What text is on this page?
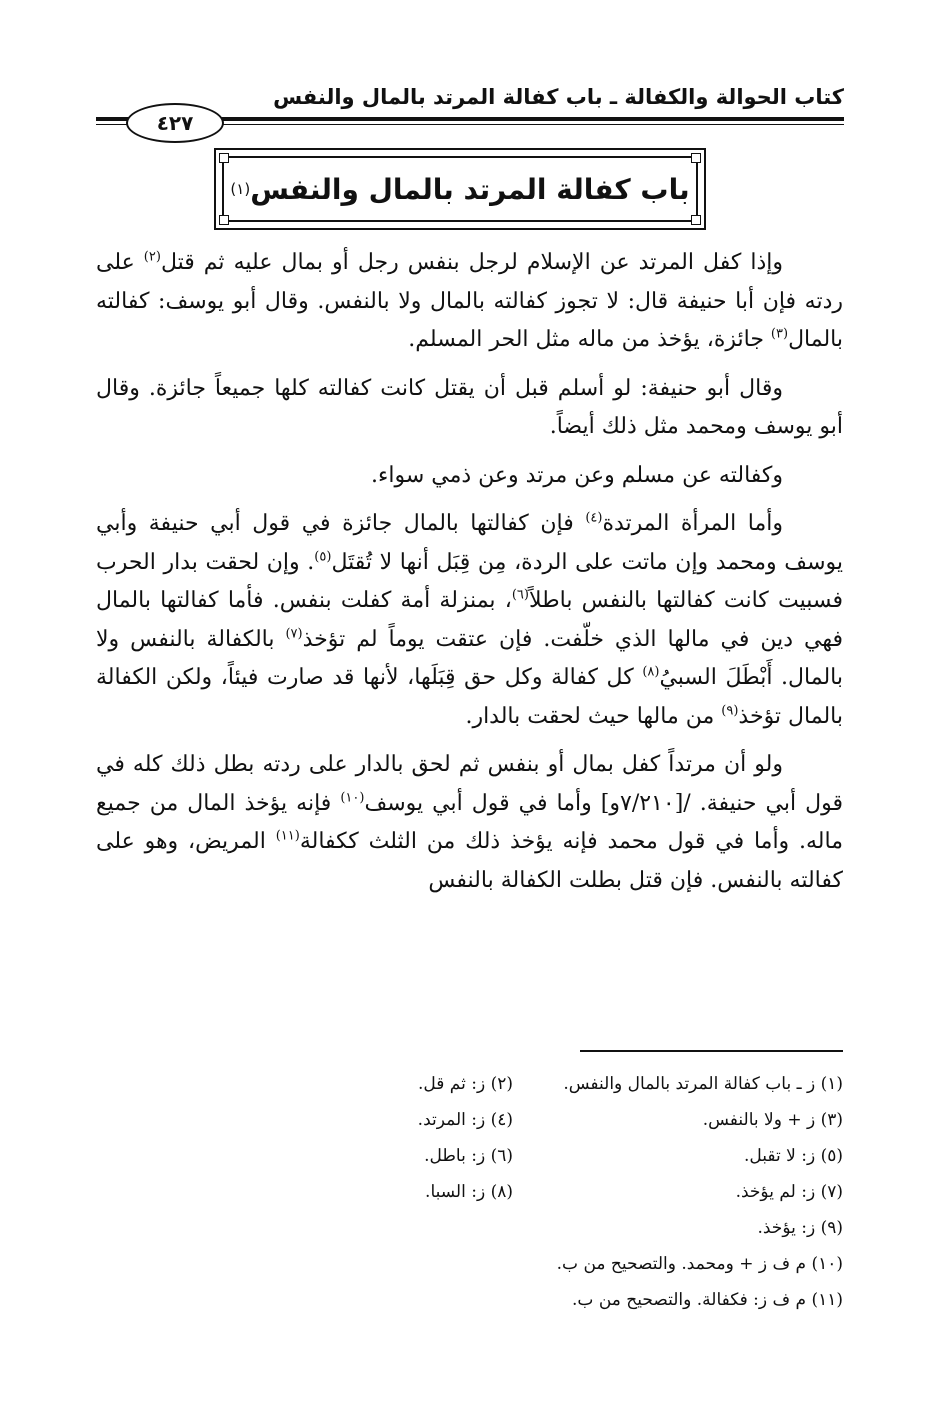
كتاب الحوالة والكفالة ـ باب كفالة المرتد بالمال والنفس
٤٢٧
باب كفالة المرتد بالمال والنفس
(١)

وإذا كفل المرتد عن الإسلام لرجل بنفس رجل أو بمال عليه ثم قتل$^{(٢)}$ على ردته فإن أبا حنيفة قال: لا تجوز كفالته بالمال ولا بالنفس. وقال أبو يوسف: كفالته بالمال$^{(٣)}$ جائزة، يؤخذ من ماله مثل الحر المسلم.

وقال أبو حنيفة: لو أسلم قبل أن يقتل كانت كفالته كلها جميعاً جائزة. وقال أبو يوسف ومحمد مثل ذلك أيضاً.

وكفالته عن مسلم وعن مرتد وعن ذمي سواء.

وأما المرأة المرتدة$^{(٤)}$ فإن كفالتها بالمال جائزة في قول أبي حنيفة وأبي يوسف ومحمد وإن ماتت على الردة، مِن قِبَل أنها لا تُقتَل$^{(٥)}$. وإن لحقت بدار الحرب فسبيت كانت كفالتها بالنفس باطلاً$^{(٦)}$، بمنزلة أمة كفلت بنفس. فأما كفالتها بالمال فهي دين في مالها الذي خلّفت. فإن عتقت يوماً لم تؤخذ$^{(٧)}$ بالكفالة بالنفس ولا بالمال. أَبْطَلَ السبيُ$^{(٨)}$ كل كفالة وكل حق قِبَلَها، لأنها قد صارت فيئاً، ولكن الكفالة بالمال تؤخذ$^{(٩)}$ من مالها حيث لحقت بالدار.

ولو أن مرتداً كفل بمال أو بنفس ثم لحق بالدار على ردته بطل ذلك كله في قول أبي حنيفة. /[٧/٢١٠و] وأما في قول أبي يوسف$^{(١٠)}$ فإنه يؤخذ المال من جميع ماله. وأما في قول محمد فإنه يؤخذ ذلك من الثلث ككفالة$^{(١١)}$ المريض، وهو على كفالته بالنفس. فإن قتل بطلت الكفالة بالنفس

(١) ز ـ باب كفالة المرتد بالمال والنفس.
(٢) ز: ثم قل.
(٣) ز + ولا بالنفس.
(٤) ز: المرتد.
(٥) ز: لا تقبل.
(٦) ز: باطل.
(٧) ز: لم يؤخذ.
(٨) ز: السبا.
(٩) ز: يؤخذ.
(١٠) م ف ز + ومحمد. والتصحيح من ب.
(١١) م ف ز: فكفالة. والتصحيح من ب.
